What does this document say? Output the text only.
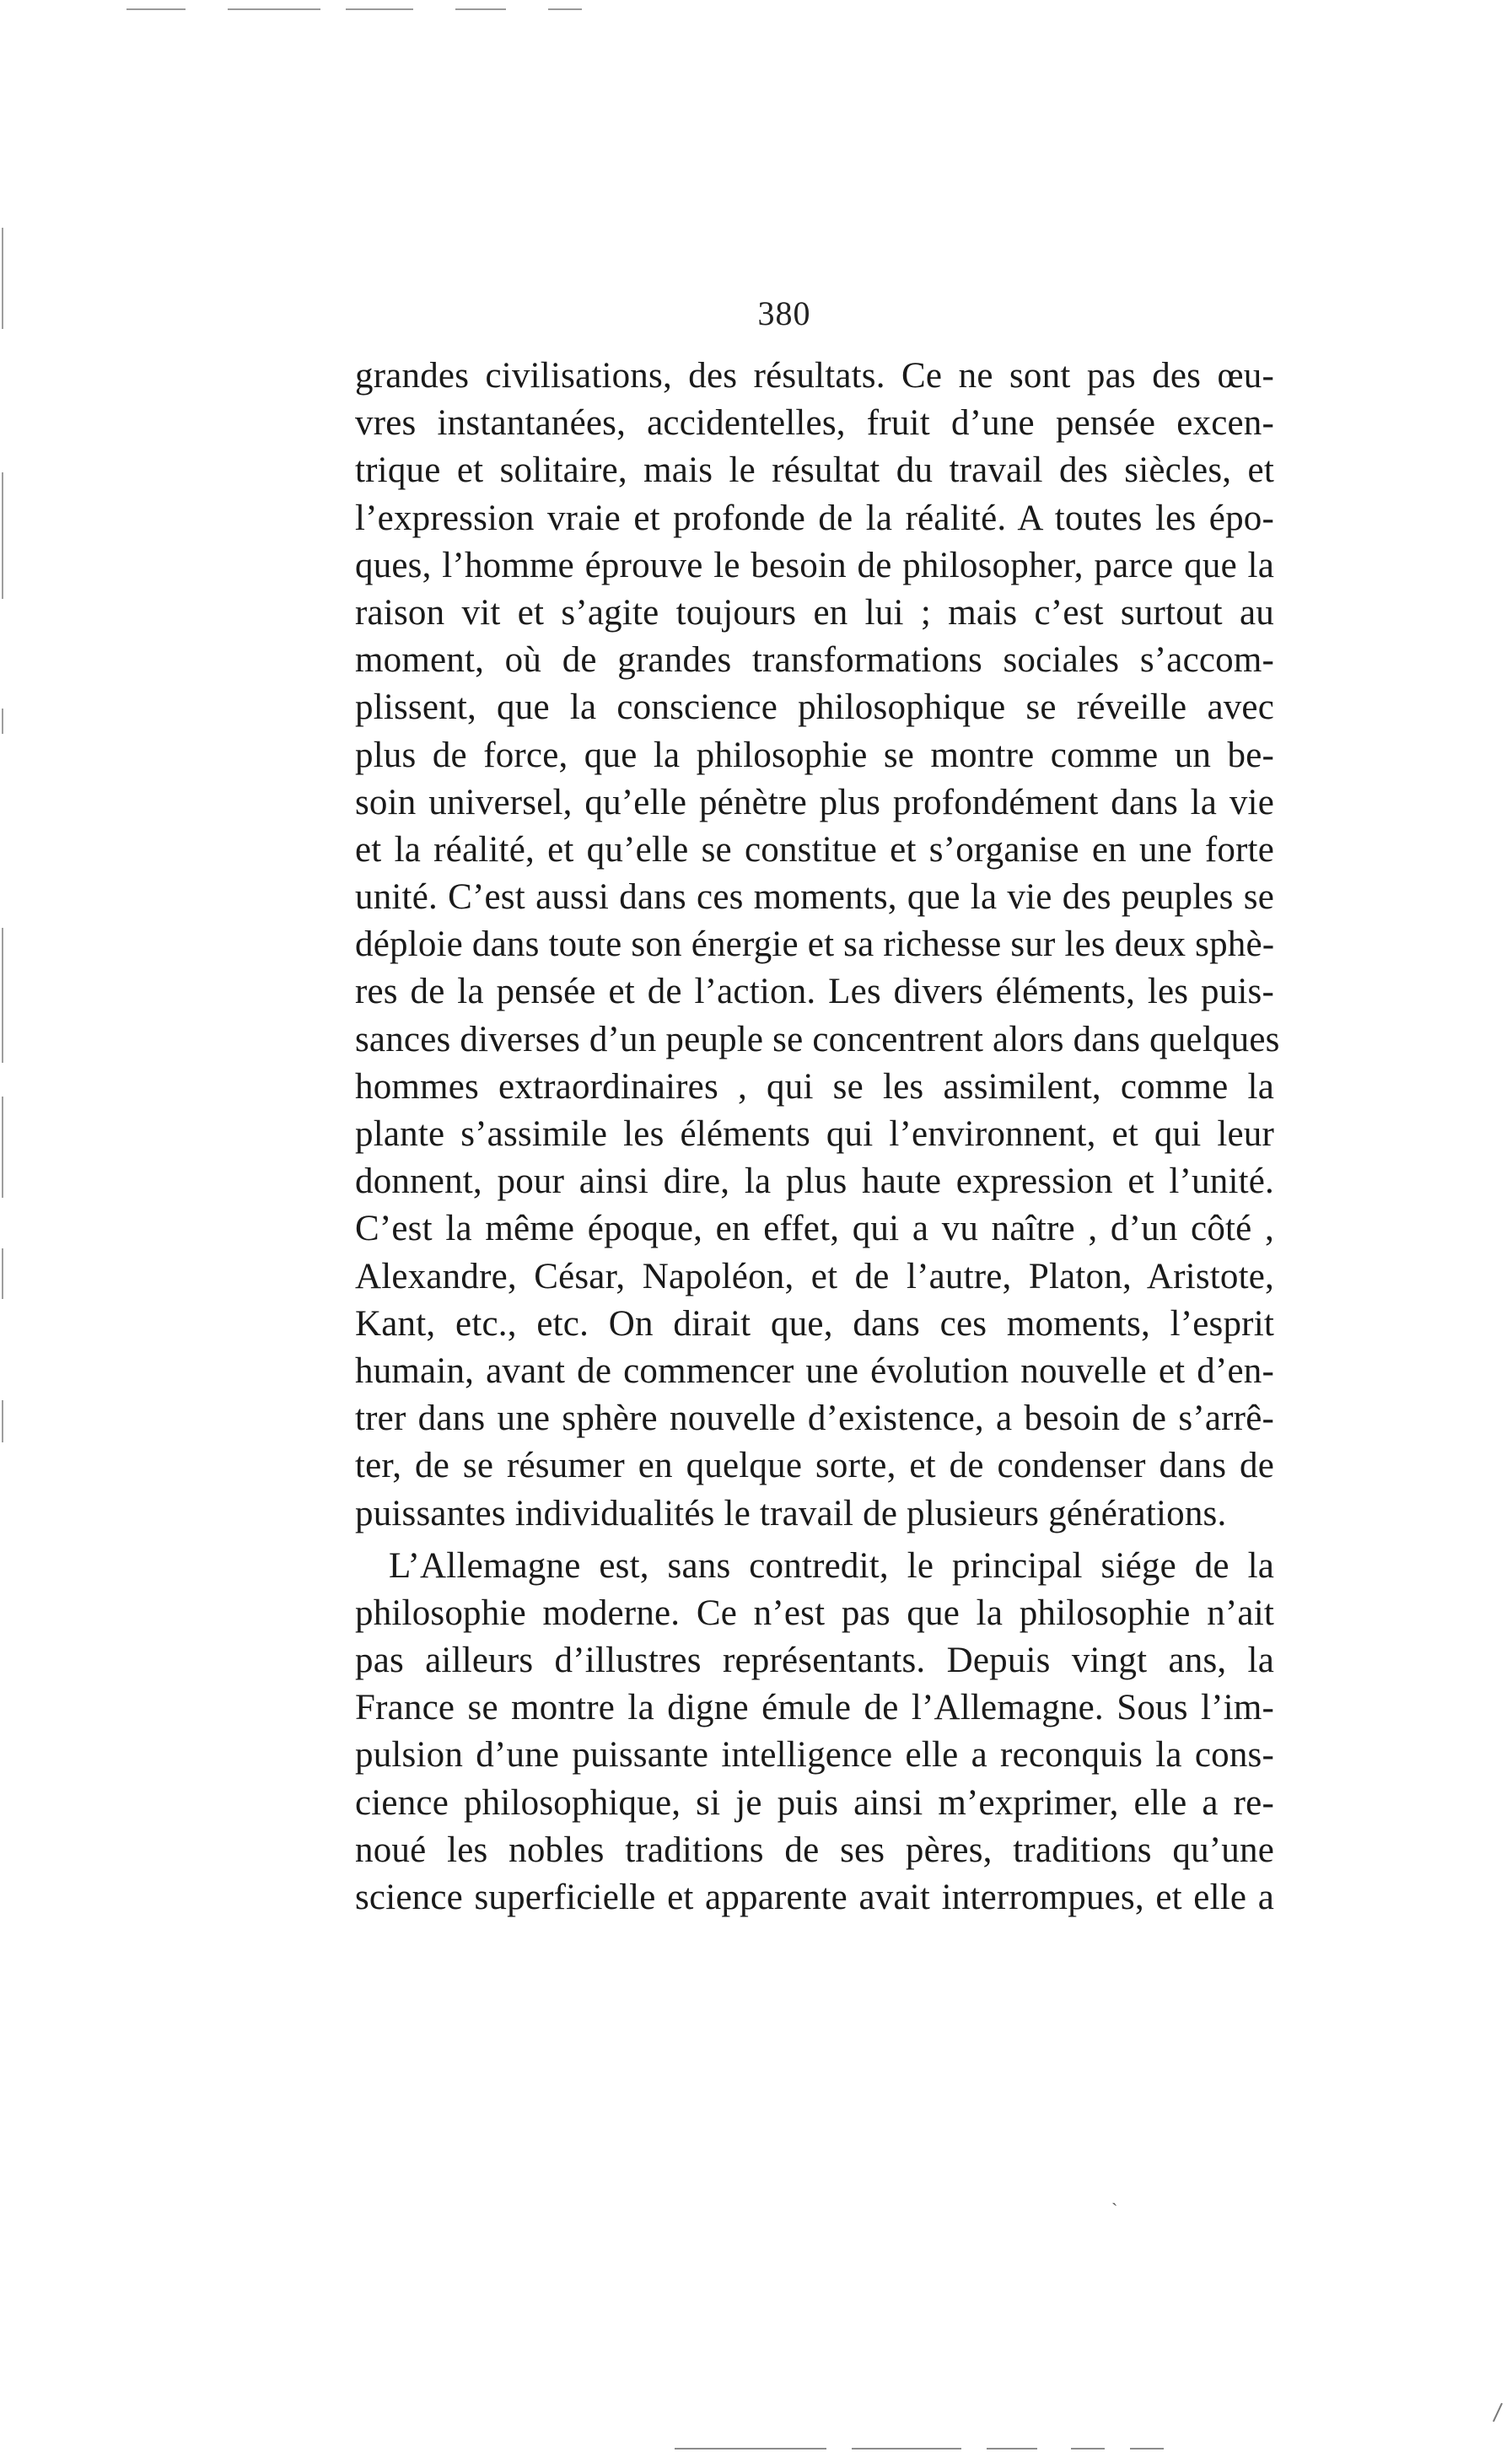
380
grandes civilisations, des résultats. Ce ne sont pas des œu-
vres instantanées, accidentelles, fruit d’une pensée excen-
trique et solitaire, mais le résultat du travail des siècles, et
l’expression vraie et profonde de la réalité. A toutes les épo-
ques, l’homme éprouve le besoin de philosopher, parce que la
raison vit et s’agite toujours en lui ; mais c’est surtout au
moment, où de grandes transformations sociales s’accom-
plissent, que la conscience philosophique se réveille avec
plus de force, que la philosophie se montre comme un be-
soin universel, qu’elle pénètre plus profondément dans la vie
et la réalité, et qu’elle se constitue et s’organise en une forte
unité. C’est aussi dans ces moments, que la vie des peuples se
déploie dans toute son énergie et sa richesse sur les deux sphè-
res de la pensée et de l’action. Les divers éléments, les puis-
sances diverses d’un peuple se concentrent alors dans quelques
hommes extraordinaires , qui se les assimilent, comme la
plante s’assimile les éléments qui l’environnent, et qui leur
donnent, pour ainsi dire, la plus haute expression et l’unité.
C’est la même époque, en effet, qui a vu naître , d’un côté ,
Alexandre, César, Napoléon, et de l’autre, Platon, Aristote,
Kant, etc., etc. On dirait que, dans ces moments, l’esprit
humain, avant de commencer une évolution nouvelle et d’en-
trer dans une sphère nouvelle d’existence, a besoin de s’arrê-
ter, de se résumer en quelque sorte, et de condenser dans de
puissantes individualités le travail de plusieurs générations.
L’Allemagne est, sans contredit, le principal siége de la
philosophie moderne. Ce n’est pas que la philosophie n’ait
pas ailleurs d’illustres représentants. Depuis vingt ans, la
France se montre la digne émule de l’Allemagne. Sous l’im-
pulsion d’une puissante intelligence elle a reconquis la cons-
cience philosophique, si je puis ainsi m’exprimer, elle a re-
noué les nobles traditions de ses pères, traditions qu’une
science superficielle et apparente avait interrompues, et elle a
ˎ
